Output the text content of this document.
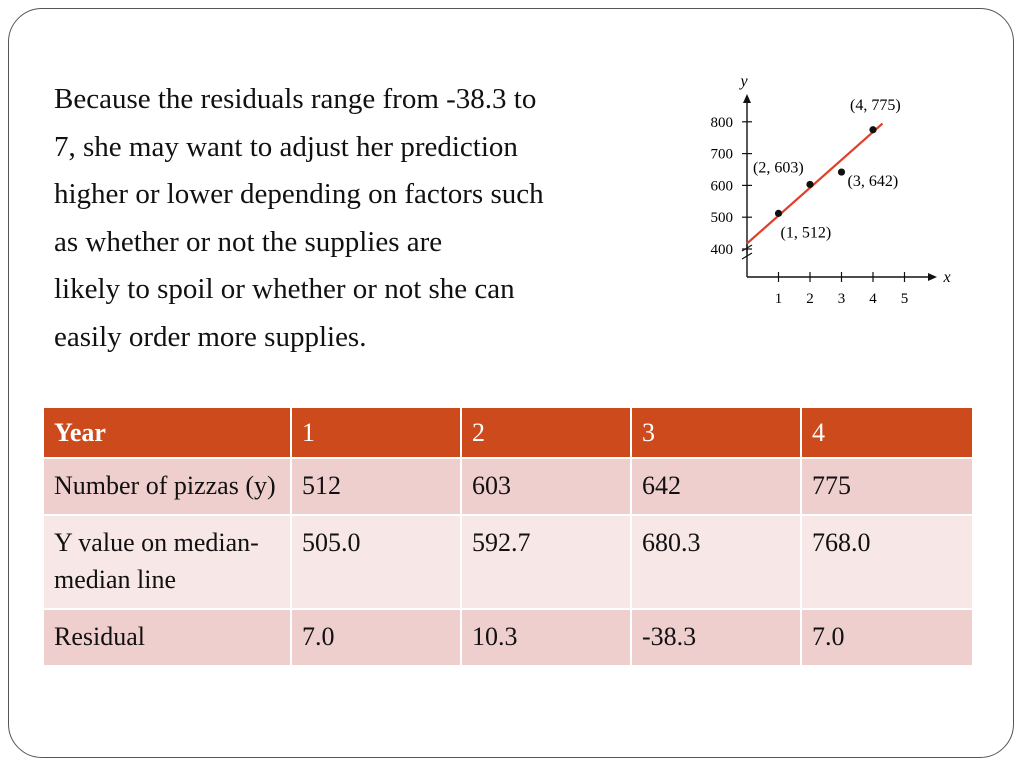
Because the residuals range from -38.3 to
7, she may want to adjust her prediction
higher or lower depending on factors such
as whether or not the supplies are
likely to spoil or whether or not she can
easily order more supplies.
y
x
1 2 3 4 5
400
500
600
700
800
(1, 512)
(2, 603)
(3, 642)
(4, 775)
Year	1	2	3	4
Number of pizzas (y)	512	603	642	775
Y value on median-median line	505.0	592.7	680.3	768.0
Residual	7.0	10.3	-38.3	7.0
